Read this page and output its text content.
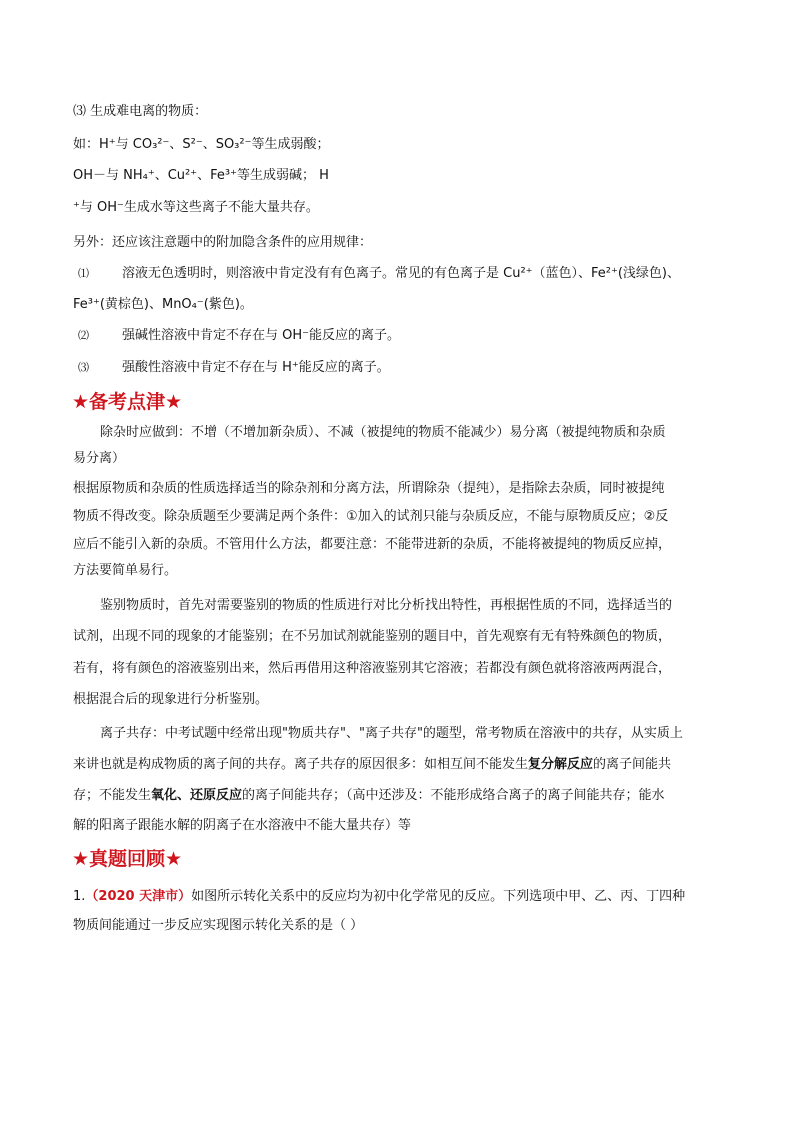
⑶ 生成难电离的物质：
如：H⁺与 CO₃²⁻、S²⁻、SO₃²⁻等生成弱酸；
OH－与 NH₄⁺、Cu²⁺、Fe³⁺等生成弱碱； H
⁺与 OH⁻生成水等这些离子不能大量共存。
另外：还应该注意题中的附加隐含条件的应用规律：
⑴	溶液无色透明时，则溶液中肯定没有有色离子。常见的有色离子是 Cu²⁺（蓝色）、Fe²⁺(浅绿色)、
Fe³⁺(黄棕色)、MnO₄⁻(紫色)。
⑵	强碱性溶液中肯定不存在与 OH⁻能反应的离子。
⑶	强酸性溶液中肯定不存在与 H⁺能反应的离子。
★备考点津★
除杂时应做到：不增（不增加新杂质）、不减（被提纯的物质不能减少）易分离（被提纯物质和杂质
易分离）
根据原物质和杂质的性质选择适当的除杂剂和分离方法，所谓除杂（提纯），是指除去杂质，同时被提纯
物质不得改变。除杂质题至少要满足两个条件：①加入的试剂只能与杂质反应，不能与原物质反应；②反
应后不能引入新的杂质。不管用什么方法，都要注意：不能带进新的杂质，不能将被提纯的物质反应掉，
方法要简单易行。
鉴别物质时，首先对需要鉴别的物质的性质进行对比分析找出特性，再根据性质的不同，选择适当的
试剂，出现不同的现象的才能鉴别；在不另加试剂就能鉴别的题目中，首先观察有无有特殊颜色的物质，
若有，将有颜色的溶液鉴别出来，然后再借用这种溶液鉴别其它溶液；若都没有颜色就将溶液两两混合，
根据混合后的现象进行分析鉴别。
离子共存：中考试题中经常出现"物质共存"、"离子共存"的题型，常考物质在溶液中的共存，从实质上
来讲也就是构成物质的离子间的共存。离子共存的原因很多：如相互间不能发生复分解反应的离子间能共
存；不能发生氧化、还原反应的离子间能共存；（高中还涉及：不能形成络合离子的离子间能共存；能水
解的阳离子跟能水解的阴离子在水溶液中不能大量共存）等
★真题回顾★
1.（2020 天津市）如图所示转化关系中的反应均为初中化学常见的反应。下列选项中甲、乙、丙、丁四种
物质间能通过一步反应实现图示转化关系的是（ ）
